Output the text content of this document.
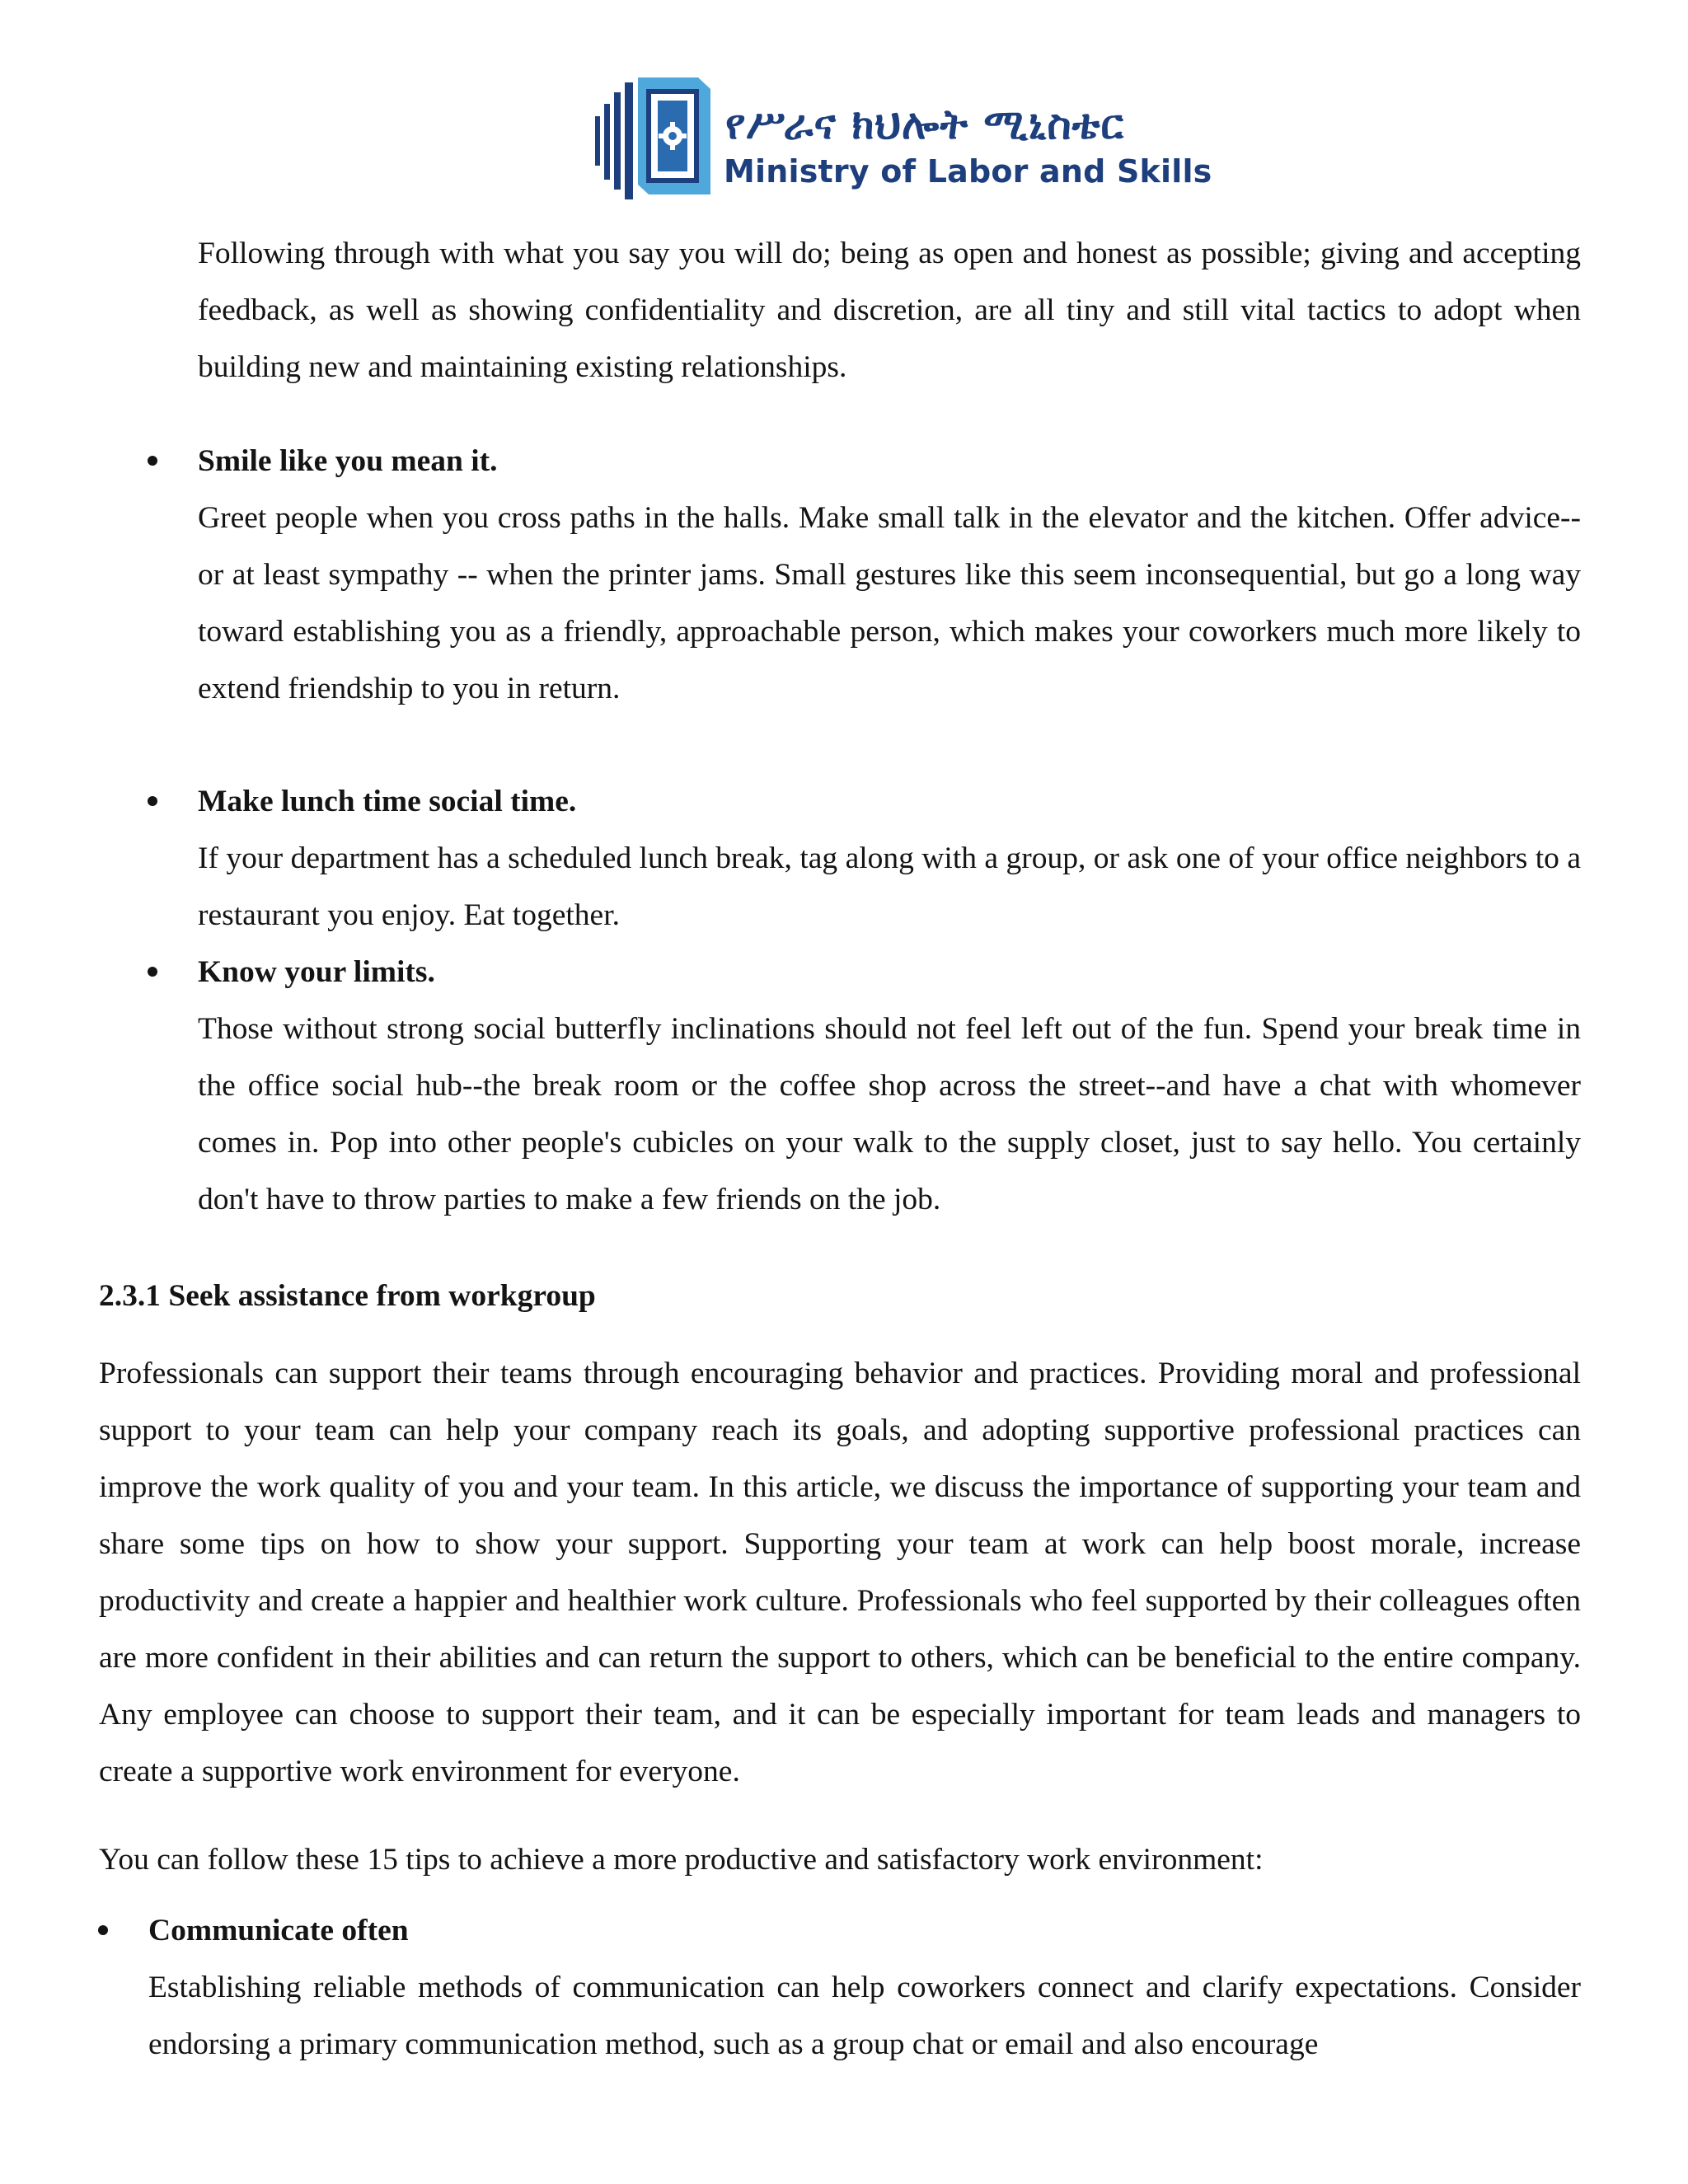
የሥራና ክህሎት ሚኒስቴር
Ministry of Labor and Skills

Following through with what you say you will do; being as open and honest as possible; giving and accepting feedback, as well as showing confidentiality and discretion, are all tiny and still vital tactics to adopt when building new and maintaining existing relationships.

Smile like you mean it.

Greet people when you cross paths in the halls. Make small talk in the elevator and the kitchen. Offer advice--or at least sympathy -- when the printer jams. Small gestures like this seem inconsequential, but go a long way toward establishing you as a friendly, approachable person, which makes your coworkers much more likely to extend friendship to you in return.

Make lunch time social time.

If your department has a scheduled lunch break, tag along with a group, or ask one of your office neighbors to a restaurant you enjoy. Eat together.

Know your limits.

Those without strong social butterfly inclinations should not feel left out of the fun. Spend your break time in the office social hub--the break room or the coffee shop across the street--and have a chat with whomever comes in. Pop into other people's cubicles on your walk to the supply closet, just to say hello. You certainly don't have to throw parties to make a few friends on the job.

2.3.1 Seek assistance from workgroup

Professionals can support their teams through encouraging behavior and practices. Providing moral and professional support to your team can help your company reach its goals, and adopting supportive professional practices can improve the work quality of you and your team. In this article, we discuss the importance of supporting your team and share some tips on how to show your support. Supporting your team at work can help boost morale, increase productivity and create a happier and healthier work culture. Professionals who feel supported by their colleagues often are more confident in their abilities and can return the support to others, which can be beneficial to the entire company. Any employee can choose to support their team, and it can be especially important for team leads and managers to create a supportive work environment for everyone.

You can follow these 15 tips to achieve a more productive and satisfactory work environment:

Communicate often

Establishing reliable methods of communication can help coworkers connect and clarify expectations. Consider endorsing a primary communication method, such as a group chat or email and also encourage
